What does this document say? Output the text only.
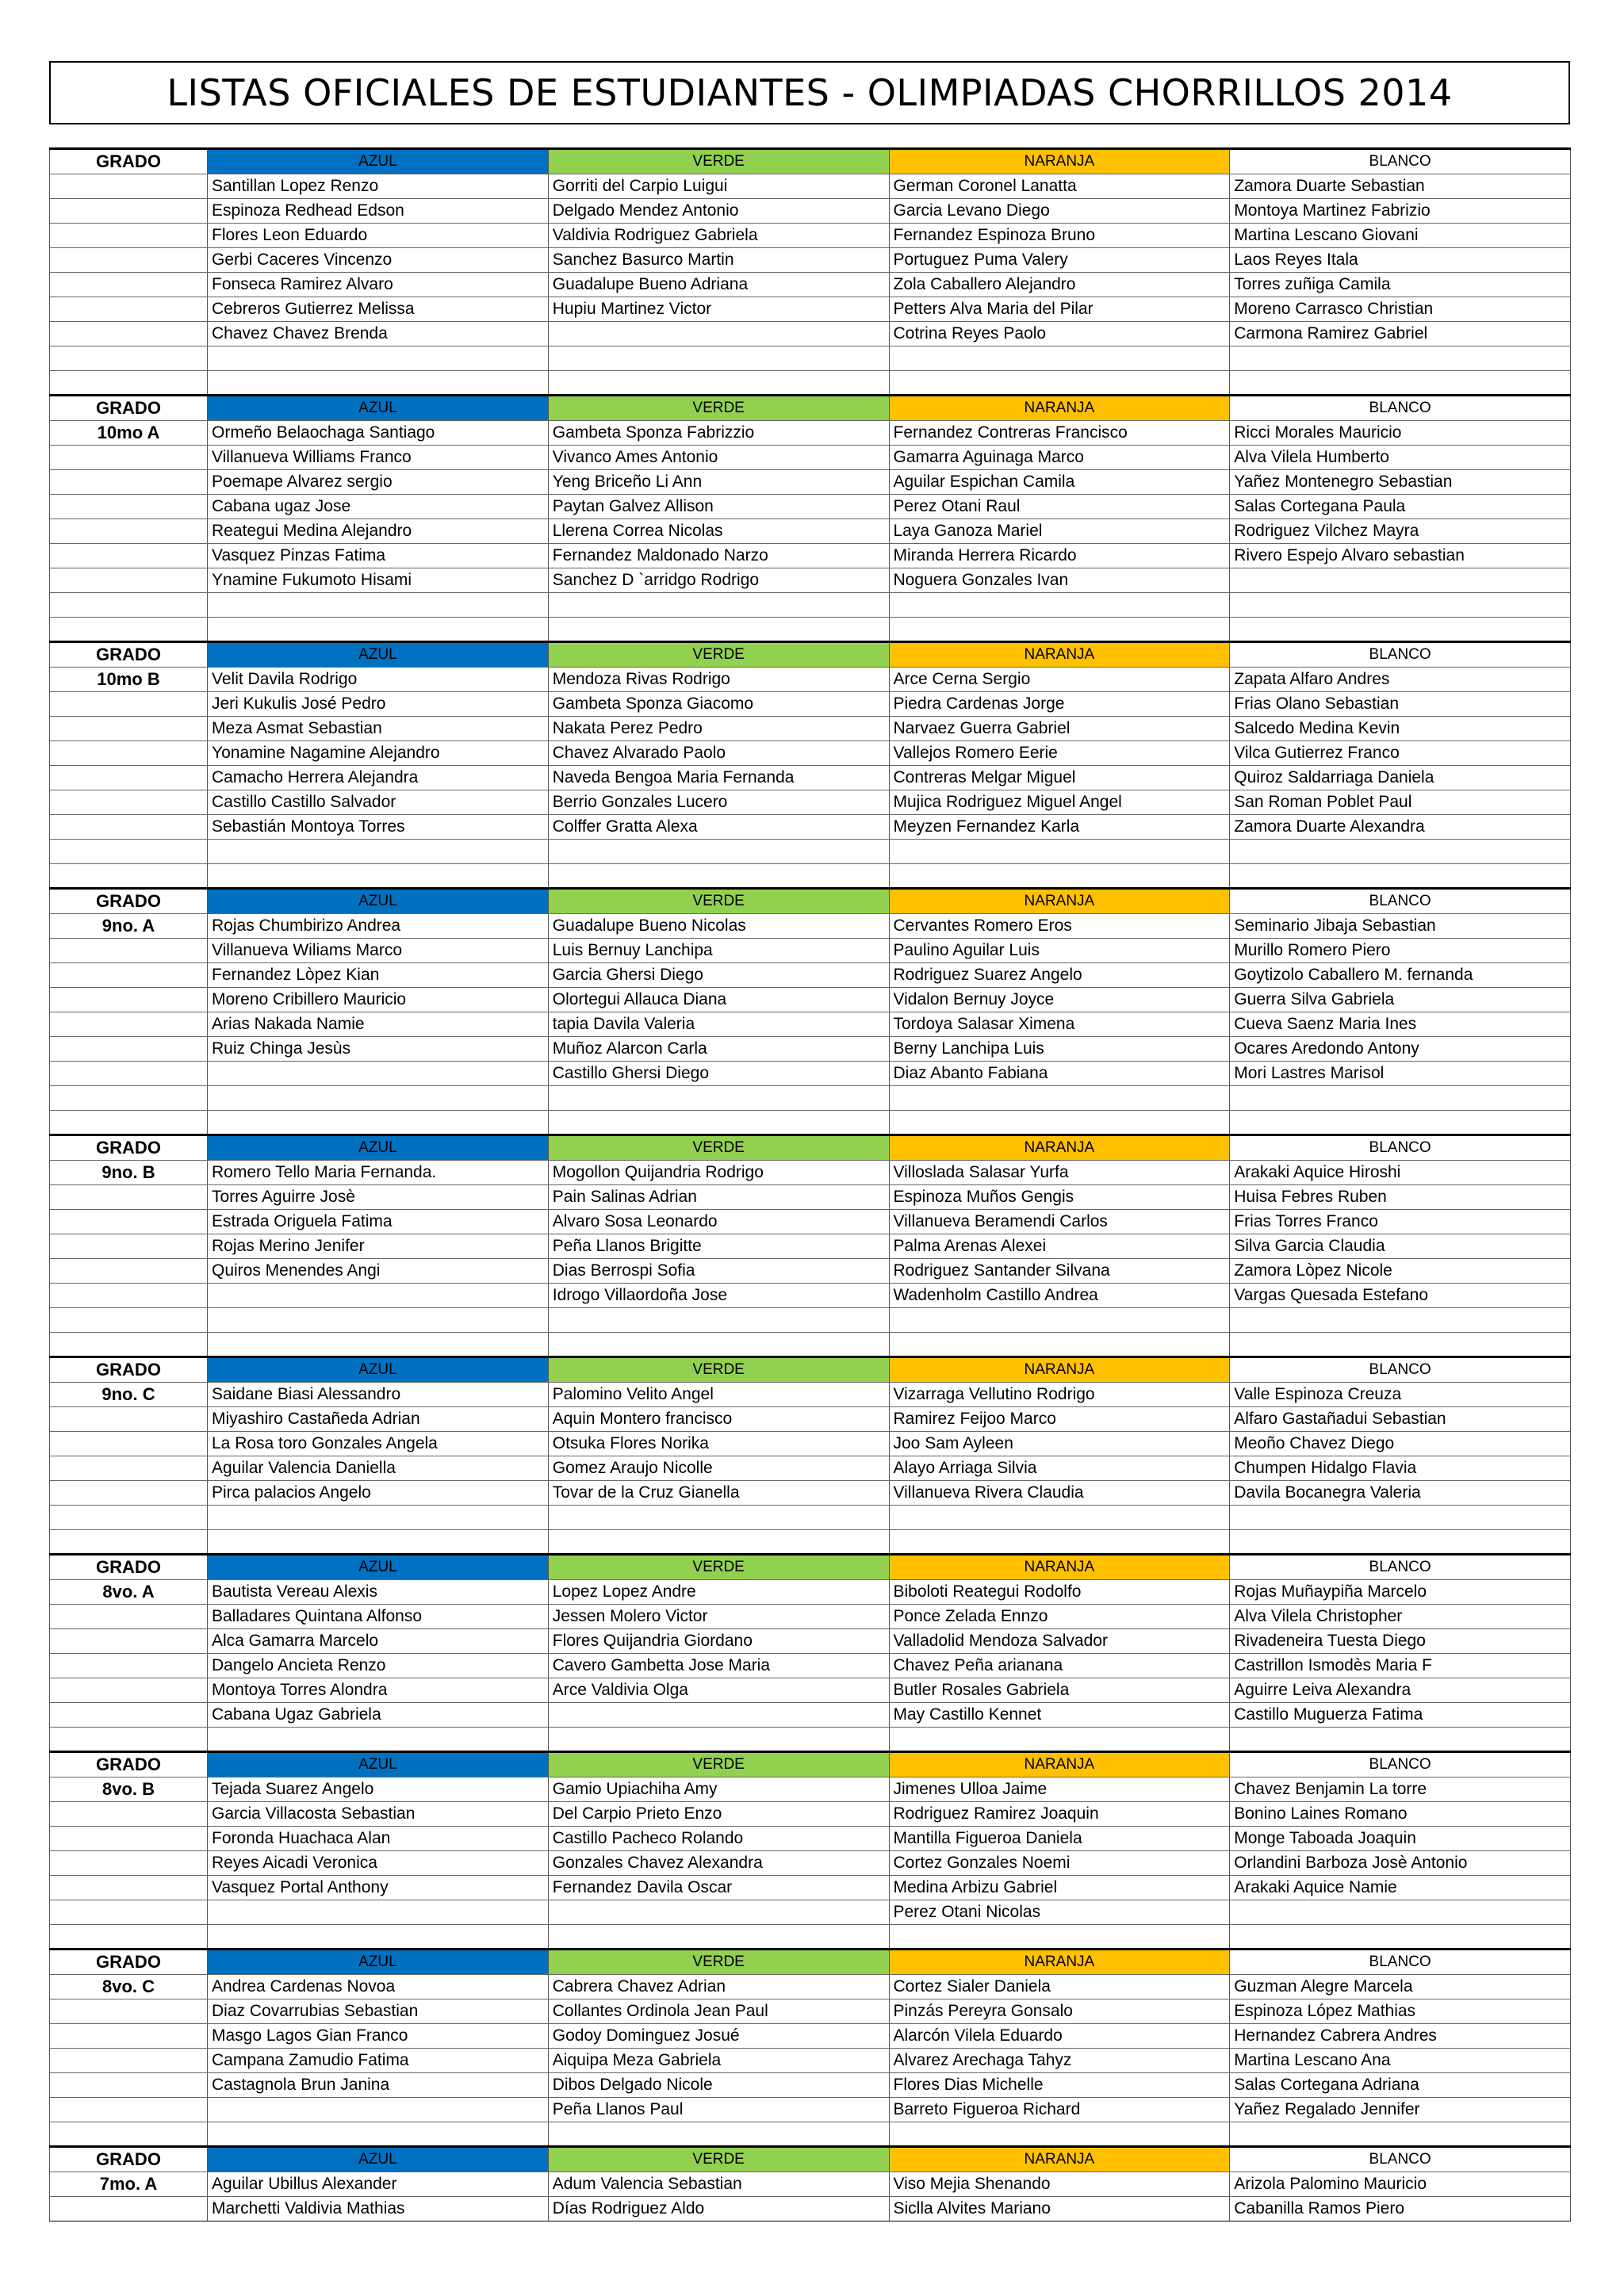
LISTAS OFICIALES DE ESTUDIANTES - OLIMPIADAS CHORRILLOS 2014
GRADO	AZUL	VERDE	NARANJA	BLANCO
	Santillan Lopez Renzo	Gorriti del Carpio Luigui	German Coronel Lanatta	Zamora Duarte Sebastian
	Espinoza Redhead Edson	Delgado Mendez Antonio	Garcia Levano Diego	Montoya Martinez Fabrizio
	Flores Leon Eduardo	Valdivia Rodriguez Gabriela	Fernandez Espinoza Bruno	Martina Lescano Giovani
	Gerbi Caceres Vincenzo	Sanchez Basurco Martin	Portuguez Puma Valery	Laos Reyes Itala
	Fonseca Ramirez Alvaro	Guadalupe Bueno Adriana	Zola Caballero Alejandro	Torres zuñiga Camila
	Cebreros Gutierrez Melissa	Hupiu Martinez Victor	Petters Alva Maria del Pilar	Moreno Carrasco Christian
	Chavez Chavez Brenda		Cotrina Reyes Paolo	Carmona Ramirez Gabriel

GRADO	AZUL	VERDE	NARANJA	BLANCO
10mo A	Ormeño Belaochaga Santiago	Gambeta Sponza Fabrizzio	Fernandez Contreras Francisco	Ricci Morales Mauricio
	Villanueva Williams Franco	Vivanco Ames Antonio	Gamarra Aguinaga Marco	Alva Vilela Humberto
	Poemape Alvarez sergio	Yeng Briceño Li Ann	Aguilar Espichan Camila	Yañez Montenegro Sebastian
	Cabana ugaz Jose	Paytan Galvez Allison	Perez Otani Raul	Salas Cortegana Paula
	Reategui Medina Alejandro	Llerena Correa Nicolas	Laya Ganoza Mariel	Rodriguez Vilchez Mayra
	Vasquez Pinzas Fatima	Fernandez Maldonado Narzo	Miranda Herrera Ricardo	Rivero Espejo Alvaro sebastian
	Ynamine Fukumoto Hisami	Sanchez D `arridgo Rodrigo	Noguera Gonzales Ivan	

GRADO	AZUL	VERDE	NARANJA	BLANCO
10mo B	Velit Davila Rodrigo	Mendoza Rivas Rodrigo	Arce Cerna Sergio	Zapata Alfaro Andres
	Jeri Kukulis José Pedro	Gambeta Sponza Giacomo	Piedra Cardenas Jorge	Frias Olano Sebastian
	Meza Asmat Sebastian	Nakata Perez Pedro	Narvaez Guerra Gabriel	Salcedo Medina Kevin
	Yonamine Nagamine Alejandro	Chavez Alvarado Paolo	Vallejos Romero Eerie	Vilca Gutierrez Franco
	Camacho Herrera Alejandra	Naveda Bengoa Maria Fernanda	Contreras Melgar Miguel	Quiroz Saldarriaga Daniela
	Castillo Castillo Salvador	Berrio Gonzales Lucero	Mujica Rodriguez Miguel Angel	San Roman Poblet Paul
	Sebastián Montoya Torres	Colffer Gratta Alexa	Meyzen Fernandez Karla	Zamora Duarte Alexandra

GRADO	AZUL	VERDE	NARANJA	BLANCO
9no. A	Rojas Chumbirizo Andrea	Guadalupe Bueno Nicolas	Cervantes Romero Eros	Seminario Jibaja Sebastian
	Villanueva Wiliams Marco	Luis Bernuy Lanchipa	Paulino Aguilar Luis	Murillo Romero Piero
	Fernandez Lòpez Kian	Garcia Ghersi Diego	Rodriguez Suarez Angelo	Goytizolo Caballero M. fernanda
	Moreno Cribillero Mauricio	Olortegui Allauca Diana	Vidalon Bernuy Joyce	Guerra Silva Gabriela
	Arias Nakada Namie	tapia Davila Valeria	Tordoya Salasar Ximena	Cueva Saenz Maria Ines
	Ruiz Chinga Jesùs	Muñoz Alarcon Carla	Berny Lanchipa Luis	Ocares Aredondo Antony
		Castillo Ghersi Diego	Diaz Abanto Fabiana	Mori Lastres Marisol

GRADO	AZUL	VERDE	NARANJA	BLANCO
9no. B	Romero Tello Maria Fernanda.	Mogollon Quijandria Rodrigo	Villoslada Salasar Yurfa	Arakaki Aquice Hiroshi
	Torres Aguirre Josè	Pain Salinas Adrian	Espinoza Muños Gengis	Huisa Febres Ruben
	Estrada Origuela Fatima	Alvaro Sosa Leonardo	Villanueva Beramendi Carlos	Frias Torres Franco
	Rojas Merino Jenifer	Peña Llanos Brigitte	Palma Arenas Alexei	Silva Garcia Claudia
	Quiros Menendes Angi	Dias Berrospi Sofia	Rodriguez Santander Silvana	Zamora Lòpez Nicole
		Idrogo Villaordoña Jose	Wadenholm Castillo Andrea	Vargas Quesada Estefano

GRADO	AZUL	VERDE	NARANJA	BLANCO
9no. C	Saidane Biasi Alessandro	Palomino Velito Angel	Vizarraga Vellutino Rodrigo	Valle Espinoza Creuza
	Miyashiro Castañeda Adrian	Aquin Montero francisco	Ramirez Feijoo Marco	Alfaro Gastañadui Sebastian
	La Rosa toro Gonzales Angela	Otsuka Flores Norika	Joo Sam Ayleen	Meoño Chavez Diego
	Aguilar Valencia Daniella	Gomez Araujo Nicolle	Alayo Arriaga Silvia	Chumpen Hidalgo Flavia
	Pirca palacios Angelo	Tovar de la Cruz Gianella	Villanueva Rivera Claudia	Davila Bocanegra Valeria

GRADO	AZUL	VERDE	NARANJA	BLANCO
8vo. A	Bautista Vereau Alexis	Lopez Lopez Andre	Biboloti Reategui Rodolfo	Rojas Muñaypiña Marcelo
	Balladares Quintana Alfonso	Jessen Molero Victor	Ponce Zelada Ennzo	Alva Vilela Christopher
	Alca Gamarra Marcelo	Flores Quijandria Giordano	Valladolid Mendoza Salvador	Rivadeneira Tuesta Diego
	Dangelo Ancieta Renzo	Cavero Gambetta Jose Maria	Chavez Peña arianana	Castrillon Ismodès Maria F
	Montoya Torres Alondra	Arce Valdivia Olga	Butler Rosales Gabriela	Aguirre Leiva Alexandra
	Cabana Ugaz Gabriela		May Castillo Kennet	Castillo Muguerza Fatima

GRADO	AZUL	VERDE	NARANJA	BLANCO
8vo. B	Tejada Suarez Angelo	Gamio Upiachiha Amy	Jimenes Ulloa Jaime	Chavez Benjamin La torre
	Garcia Villacosta Sebastian	Del Carpio Prieto Enzo	Rodriguez Ramirez Joaquin	Bonino Laines Romano
	Foronda Huachaca Alan	Castillo Pacheco Rolando	Mantilla Figueroa Daniela	Monge Taboada Joaquin
	Reyes Aicadi Veronica	Gonzales Chavez Alexandra	Cortez Gonzales Noemi	Orlandini Barboza Josè Antonio
	Vasquez Portal Anthony	Fernandez Davila Oscar	Medina Arbizu Gabriel	Arakaki Aquice Namie
			Perez Otani Nicolas	

GRADO	AZUL	VERDE	NARANJA	BLANCO
8vo. C	Andrea Cardenas Novoa	Cabrera Chavez Adrian	Cortez Sialer Daniela	Guzman Alegre Marcela
	Diaz Covarrubias Sebastian	Collantes Ordinola Jean Paul	Pinzás Pereyra Gonsalo	Espinoza López Mathias
	Masgo Lagos Gian Franco	Godoy Dominguez Josué	Alarcón Vilela Eduardo	Hernandez Cabrera Andres
	Campana Zamudio Fatima	Aiquipa Meza Gabriela	Alvarez Arechaga Tahyz	Martina Lescano Ana
	Castagnola Brun Janina	Dibos Delgado Nicole	Flores Dias Michelle	Salas Cortegana Adriana
		Peña Llanos Paul	Barreto Figueroa Richard	Yañez Regalado Jennifer

GRADO	AZUL	VERDE	NARANJA	BLANCO
7mo. A	Aguilar Ubillus Alexander	Adum Valencia Sebastian	Viso Mejia Shenando	Arizola Palomino Mauricio
	Marchetti Valdivia Mathias	Días Rodriguez Aldo	Siclla Alvites Mariano	Cabanilla Ramos Piero
